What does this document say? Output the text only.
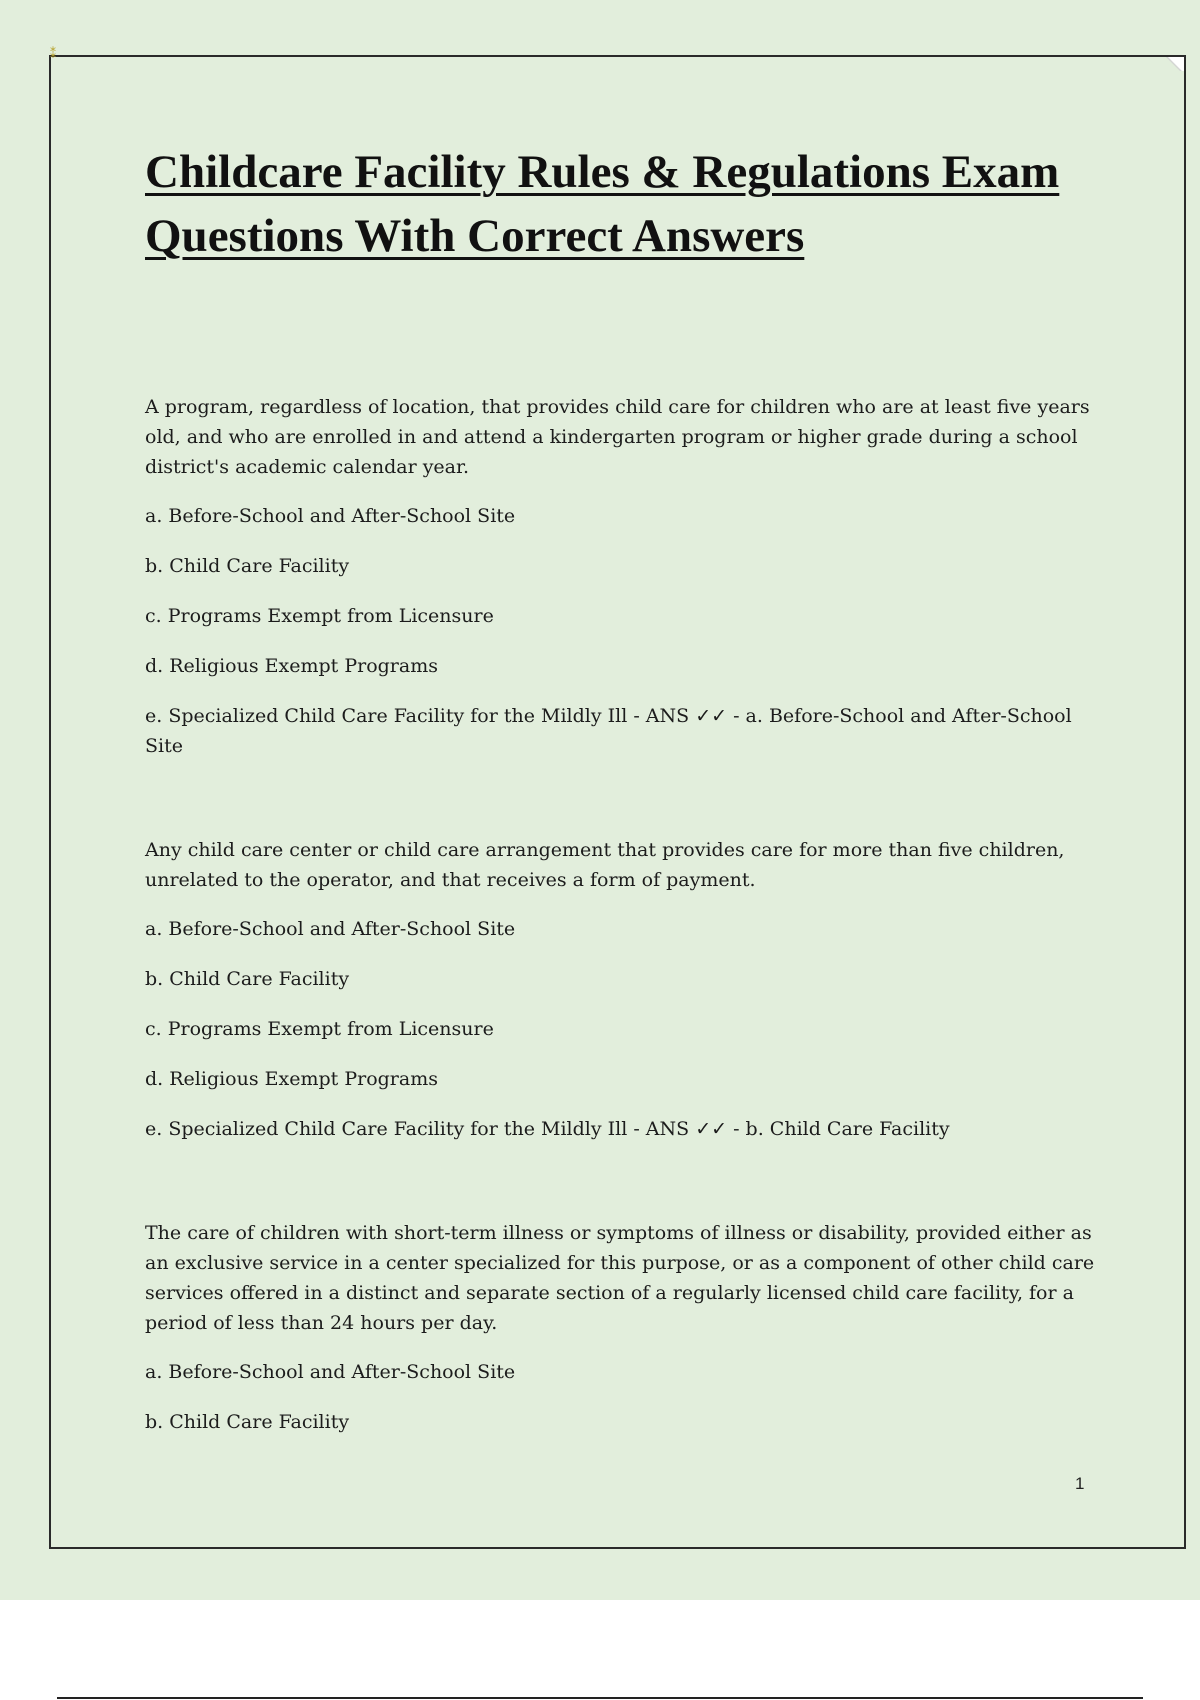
⁑
Childcare Facility Rules & Regulations Exam Questions With Correct Answers

A program, regardless of location, that provides child care for children who are at least five years old, and who are enrolled in and attend a kindergarten program or higher grade during a school district's academic calendar year.

a. Before-School and After-School Site

b. Child Care Facility

c. Programs Exempt from Licensure

d. Religious Exempt Programs

e. Specialized Child Care Facility for the Mildly Ill - ANS ✓✓ - a. Before-School and After-School Site

Any child care center or child care arrangement that provides care for more than five children, unrelated to the operator, and that receives a form of payment.

a. Before-School and After-School Site

b. Child Care Facility

c. Programs Exempt from Licensure

d. Religious Exempt Programs

e. Specialized Child Care Facility for the Mildly Ill - ANS ✓✓ - b. Child Care Facility

The care of children with short-term illness or symptoms of illness or disability, provided either as an exclusive service in a center specialized for this purpose, or as a component of other child care services offered in a distinct and separate section of a regularly licensed child care facility, for a period of less than 24 hours per day.

a. Before-School and After-School Site

b. Child Care Facility

1
